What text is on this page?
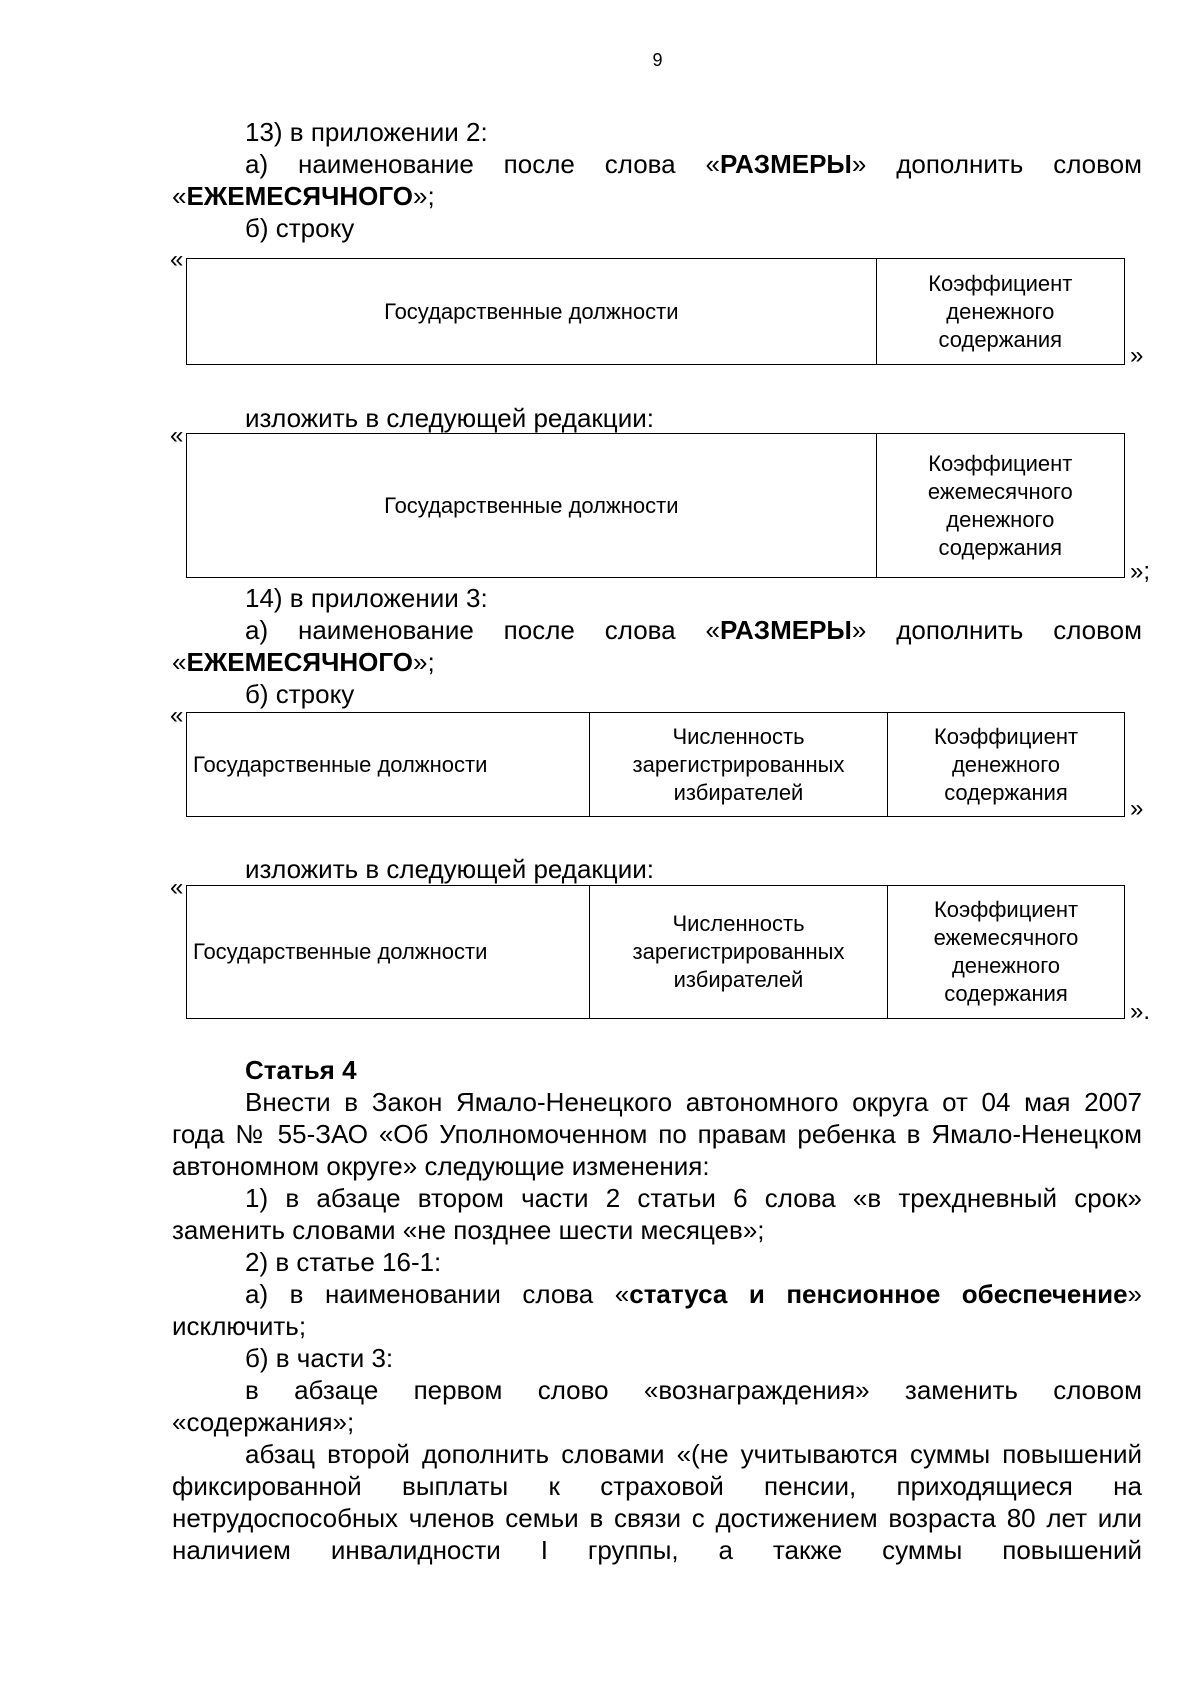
9

13) в приложении 2:

а) наименование после слова «РАЗМЕРЫ» дополнить словом «ЕЖЕМЕСЯЧНОГО»;

б) строку

«
Государственные должности	Коэффициент денежного содержания
»

изложить в следующей редакции:

«
Государственные должности	Коэффициент ежемесячного денежного содержания
»;

14) в приложении 3:

а) наименование после слова «РАЗМЕРЫ» дополнить словом «ЕЖЕМЕСЯЧНОГО»;

б) строку

«
Государственные должности	Численность зарегистрированных избирателей	Коэффициент денежного содержания
»

изложить в следующей редакции:

«
Государственные должности	Численность зарегистрированных избирателей	Коэффициент ежемесячного денежного содержания
».

Статья 4

Внести в Закон Ямало-Ненецкого автономного округа от 04 мая 2007 года № 55-ЗАО «Об Уполномоченном по правам ребенка в Ямало-Ненецком автономном округе» следующие изменения:

1) в абзаце втором части 2 статьи 6 слова «в трехдневный срок» заменить словами «не позднее шести месяцев»;

2) в статье 16-1:

а) в наименовании слова «статуса и пенсионное обеспечение» исключить;

б) в части 3:

в абзаце первом слово «вознаграждения» заменить словом «содержания»;

абзац второй дополнить словами «(не учитываются суммы повышений фиксированной выплаты к страховой пенсии, приходящиеся на нетрудоспособных членов семьи в связи с достижением возраста 80 лет или наличием инвалидности I группы, а также суммы повышений
